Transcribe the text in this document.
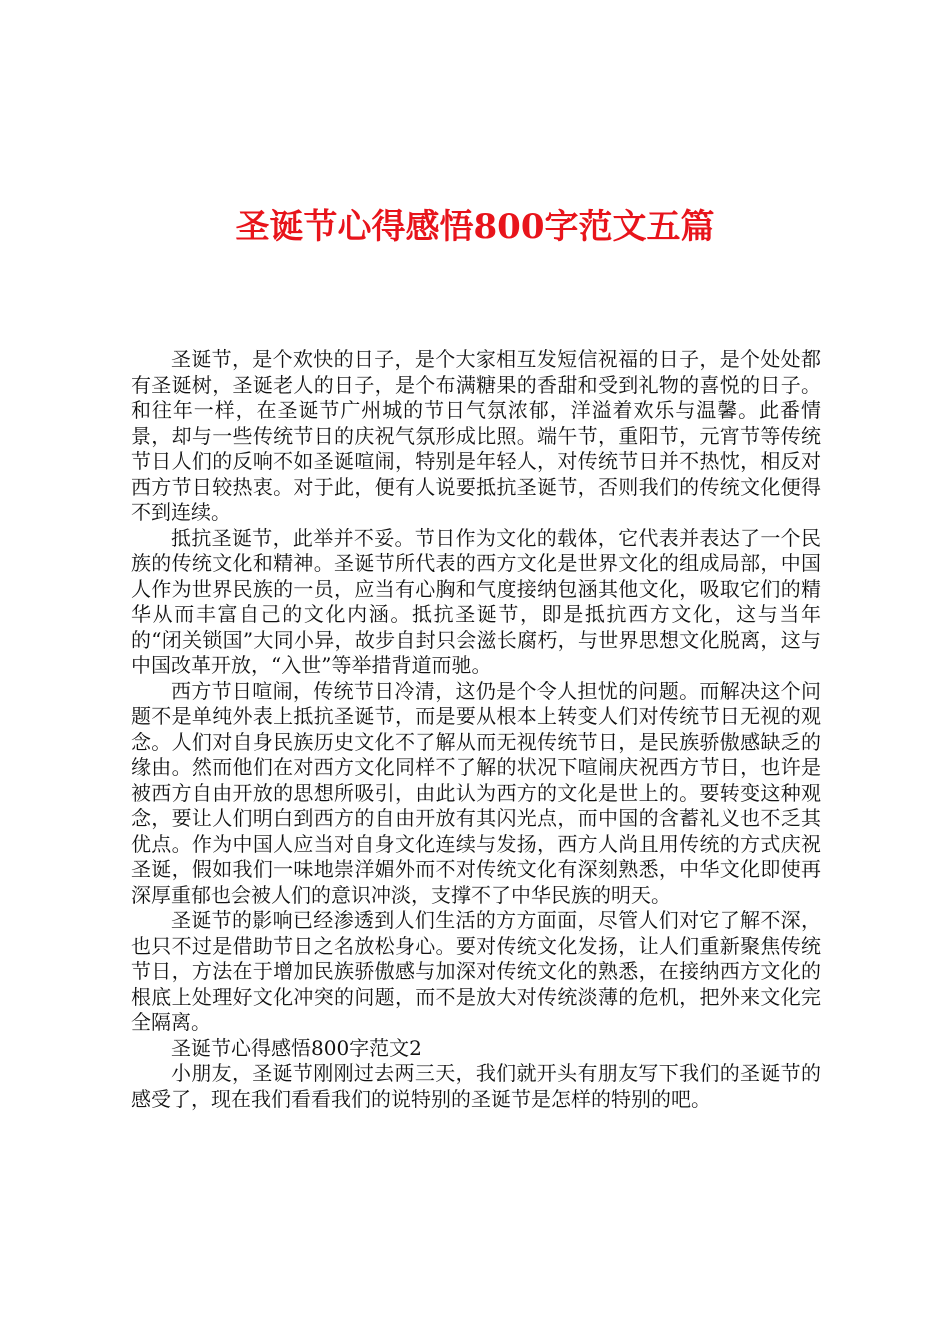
圣诞节心得感悟800字范文五篇

圣诞节，是个欢快的日子，是个大家相互发短信祝福的日子，是个处处都有圣诞树，圣诞老人的日子，是个布满糖果的香甜和受到礼物的喜悦的日子。和往年一样，在圣诞节广州城的节日气氛浓郁，洋溢着欢乐与温馨。此番情景，却与一些传统节日的庆祝气氛形成比照。端午节，重阳节，元宵节等传统节日人们的反响不如圣诞喧闹，特别是年轻人，对传统节日并不热忱，相反对西方节日较热衷。对于此，便有人说要抵抗圣诞节，否则我们的传统文化便得不到连续。

抵抗圣诞节，此举并不妥。节日作为文化的载体，它代表并表达了一个民族的传统文化和精神。圣诞节所代表的西方文化是世界文化的组成局部，中国人作为世界民族的一员，应当有心胸和气度接纳包涵其他文化，吸取它们的精华从而丰富自己的文化内涵。抵抗圣诞节，即是抵抗西方文化，这与当年的“闭关锁国”大同小异，故步自封只会滋长腐朽，与世界思想文化脱离，这与中国改革开放，“入世”等举措背道而驰。

西方节日喧闹，传统节日冷清，这仍是个令人担忧的问题。而解决这个问题不是单纯外表上抵抗圣诞节，而是要从根本上转变人们对传统节日无视的观念。人们对自身民族历史文化不了解从而无视传统节日，是民族骄傲感缺乏的缘由。然而他们在对西方文化同样不了解的状况下喧闹庆祝西方节日，也许是被西方自由开放的思想所吸引，由此认为西方的文化是世上的。要转变这种观念，要让人们明白到西方的自由开放有其闪光点，而中国的含蓄礼义也不乏其优点。作为中国人应当对自身文化连续与发扬，西方人尚且用传统的方式庆祝圣诞，假如我们一味地崇洋媚外而不对传统文化有深刻熟悉，中华文化即使再深厚重郁也会被人们的意识冲淡，支撑不了中华民族的明天。

圣诞节的影响已经渗透到人们生活的方方面面，尽管人们对它了解不深，也只不过是借助节日之名放松身心。要对传统文化发扬，让人们重新聚焦传统节日，方法在于增加民族骄傲感与加深对传统文化的熟悉，在接纳西方文化的根底上处理好文化冲突的问题，而不是放大对传统淡薄的危机，把外来文化完全隔离。

圣诞节心得感悟800字范文2

小朋友，圣诞节刚刚过去两三天，我们就开头有朋友写下我们的圣诞节的感受了，现在我们看看我们的说特别的圣诞节是怎样的特别的吧。
